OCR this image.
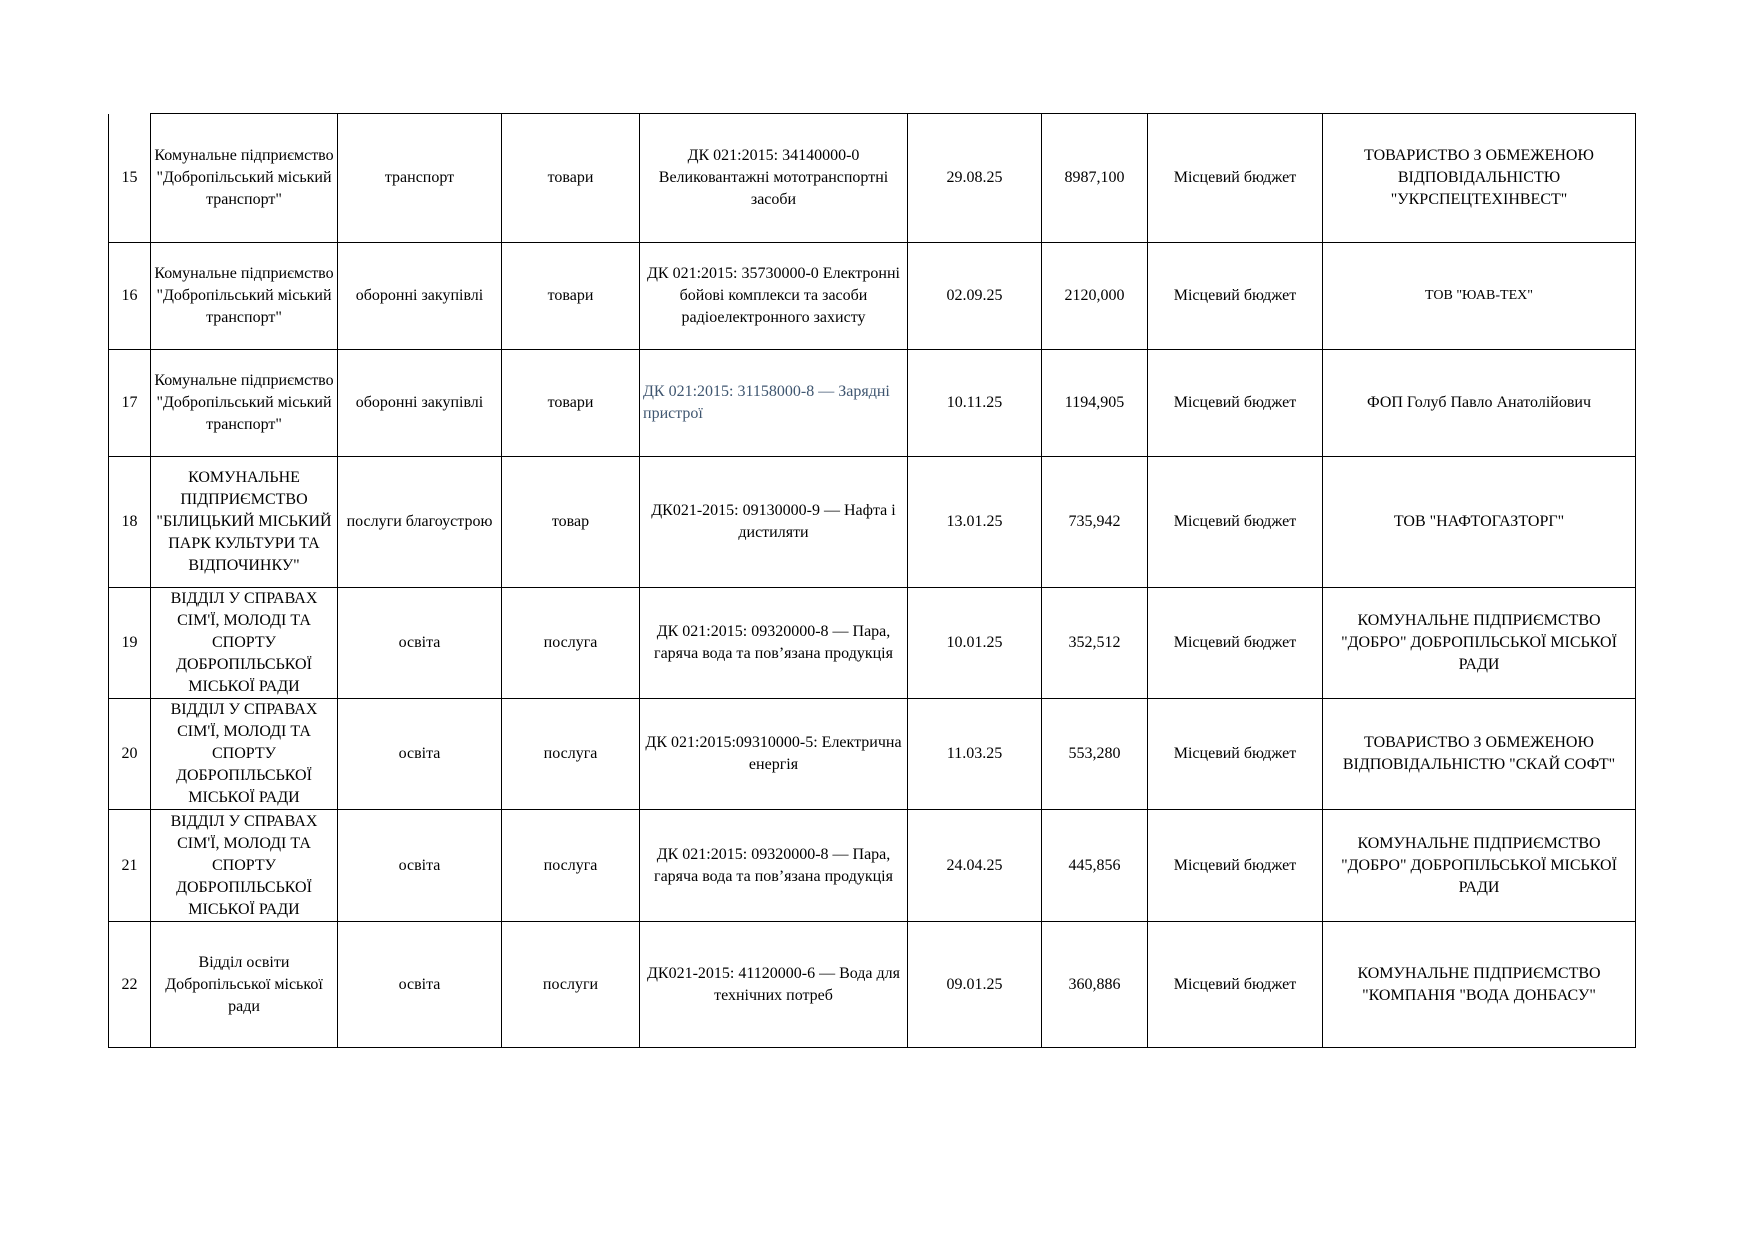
15	Комунальне підприємство "Добропільський міський транспорт"	транспорт	товари	ДК 021:2015: 34140000-0 Великовантажні мототранспортні засоби	29.08.25	8987,100	Місцевий бюджет	ТОВАРИСТВО З ОБМЕЖЕНОЮ ВІДПОВІДАЛЬНІСТЮ "УКРСПЕЦТЕХІНВЕСТ"
16	Комунальне підприємство "Добропільський міський транспорт"	оборонні закупівлі	товари	ДК 021:2015: 35730000-0 Електронні бойові комплекси та засоби радіоелектронного захисту	02.09.25	2120,000	Місцевий бюджет	ТОВ "ЮАВ-ТЕХ"
17	Комунальне підприємство "Добропільський міський транспорт"	оборонні закупівлі	товари	ДК 021:2015: 31158000-8 — Зарядні пристрої	10.11.25	1194,905	Місцевий бюджет	ФОП Голуб Павло Анатолійович
18	КОМУНАЛЬНЕ ПІДПРИЄМСТВО "БІЛИЦЬКИЙ МІСЬКИЙ ПАРК КУЛЬТУРИ ТА ВІДПОЧИНКУ"	послуги благоустрою	товар	ДК021-2015: 09130000-9 — Нафта і дистиляти	13.01.25	735,942	Місцевий бюджет	ТОВ "НАФТОГАЗТОРГ"
19	ВІДДІЛ У СПРАВАХ СІМ'Ї, МОЛОДІ ТА СПОРТУ ДОБРОПІЛЬСЬКОЇ МІСЬКОЇ РАДИ	освіта	послуга	ДК 021:2015: 09320000-8 — Пара, гаряча вода та пов’язана продукція	10.01.25	352,512	Місцевий бюджет	КОМУНАЛЬНЕ ПІДПРИЄМСТВО "ДОБРО" ДОБРОПІЛЬСЬКОЇ МІСЬКОЇ РАДИ
20	ВІДДІЛ У СПРАВАХ СІМ'Ї, МОЛОДІ ТА СПОРТУ ДОБРОПІЛЬСЬКОЇ МІСЬКОЇ РАДИ	освіта	послуга	ДК 021:2015:09310000-5: Електрична енергія	11.03.25	553,280	Місцевий бюджет	ТОВАРИСТВО З ОБМЕЖЕНОЮ ВІДПОВІДАЛЬНІСТЮ "СКАЙ СОФТ"
21	ВІДДІЛ У СПРАВАХ СІМ'Ї, МОЛОДІ ТА СПОРТУ ДОБРОПІЛЬСЬКОЇ МІСЬКОЇ РАДИ	освіта	послуга	ДК 021:2015: 09320000-8 — Пара, гаряча вода та пов’язана продукція	24.04.25	445,856	Місцевий бюджет	КОМУНАЛЬНЕ ПІДПРИЄМСТВО "ДОБРО" ДОБРОПІЛЬСЬКОЇ МІСЬКОЇ РАДИ
22	Відділ освіти Добропільської міської ради	освіта	послуги	ДК021-2015: 41120000-6 — Вода для технічних потреб	09.01.25	360,886	Місцевий бюджет	КОМУНАЛЬНЕ ПІДПРИЄМСТВО "КОМПАНІЯ "ВОДА ДОНБАСУ"
